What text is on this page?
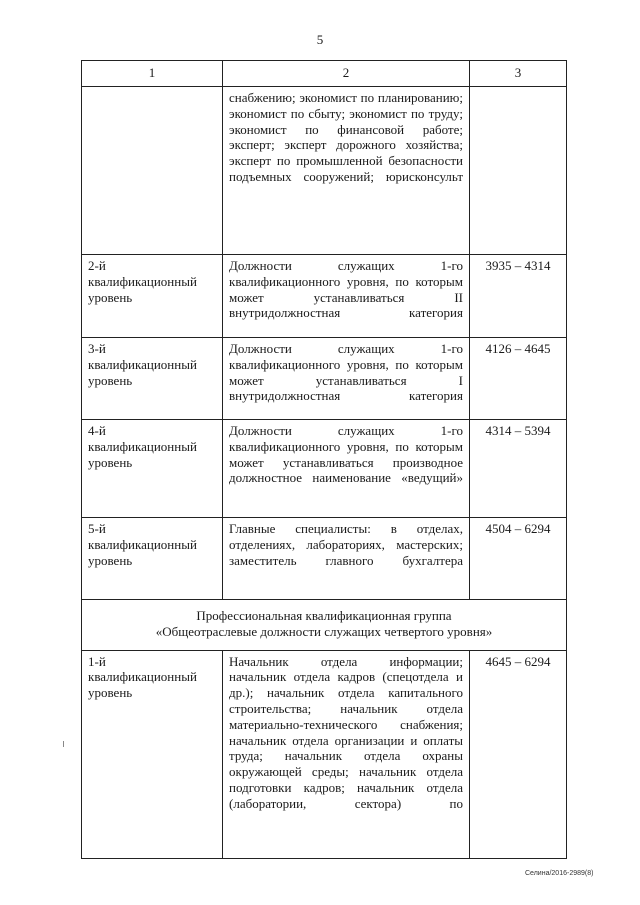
5
1	2	3
	снабжению; экономист по планированию; экономист по сбыту; экономист по труду; экономист по финансовой работе; эксперт; эксперт дорожного хозяйства; эксперт по промышленной безопасности подъемных сооружений; юрисконсульт	
2-й квалификационный уровень	Должности служащих 1-го квалификационного уровня, по которым может устанавливаться II внутридолжностная категория	3935 – 4314
3-й квалификационный уровень	Должности служащих 1-го квалификационного уровня, по которым может устанавливаться I внутридолжностная категория	4126 – 4645
4-й квалификационный уровень	Должности служащих 1-го квалификационного уровня, по которым может устанавливаться производное должностное наименование «ведущий»	4314 – 5394
5-й квалификационный уровень	Главные специалисты: в отделах, отделениях, лабораториях, мастерских; заместитель главного бухгалтера	4504 – 6294

Профессиональная квалификационная группа
«Общеотраслевые должности служащих четвертого уровня»		

1-й квалификационный уровень	Начальник отдела информации; начальник отдела кадров (спецотдела и др.); начальник отдела капитального строительства; начальник отдела материально-технического снабжения; начальник отдела организации и оплаты труда; начальник отдела охраны окружающей среды; начальник отдела подготовки кадров; начальник отдела (лаборатории, сектора) по	4645 – 6294
Селина/2016-2989(8)
